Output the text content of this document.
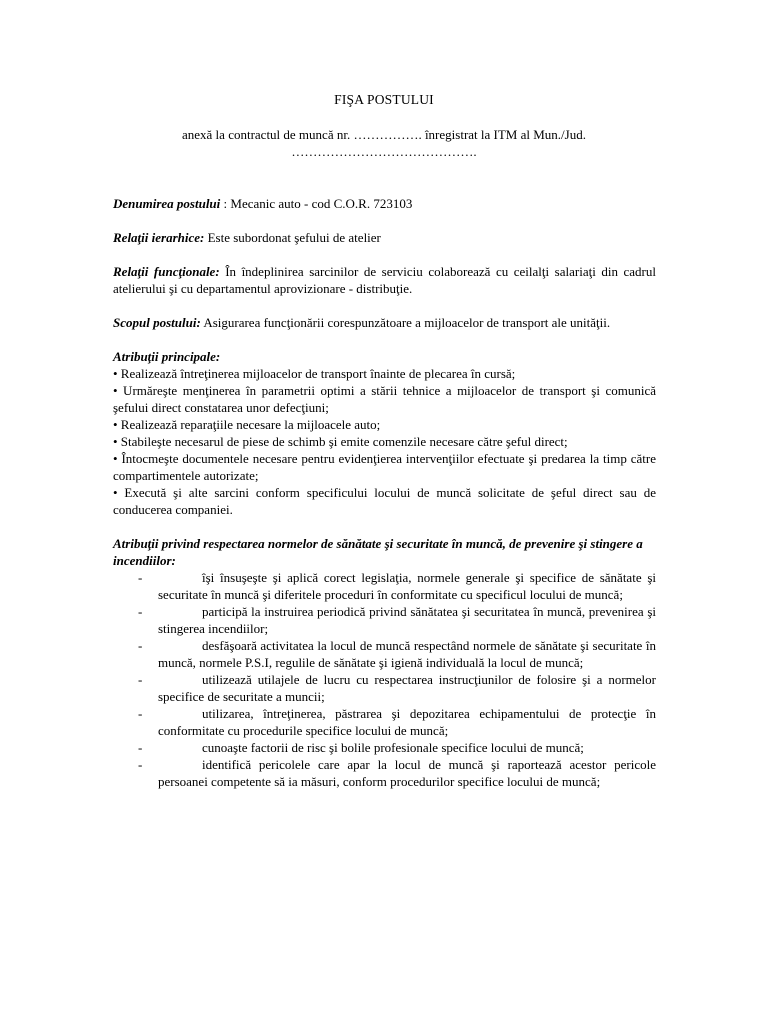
FIŞA POSTULUI
anexă la contractul de muncă nr. ……………. înregistrat la ITM al Mun./Jud.
…………………………………….

Denumirea postului : Mecanic auto - cod C.O.R. 723103

Relaţii ierarhice: Este subordonat şefului de atelier

Relaţii funcţionale: În îndeplinirea sarcinilor de serviciu colaborează cu ceilalţi salariaţi din cadrul atelierului şi cu departamentul aprovizionare - distribuţie.

Scopul postului: Asigurarea funcţionării corespunzătoare a mijloacelor de transport ale unităţii.

Atribuţii principale:

• Realizează întreţinerea mijloacelor de transport înainte de plecarea în cursă;

• Urmăreşte menţinerea în parametrii optimi a stării tehnice a mijloacelor de transport şi comunică şefului direct constatarea unor defecţiuni;

• Realizează reparaţiile necesare la mijloacele auto;

• Stabileşte necesarul de piese de schimb şi emite comenzile necesare către şeful direct;

• Întocmeşte documentele necesare pentru evidenţierea intervenţiilor efectuate şi predarea la timp către compartimentele autorizate;

• Execută şi alte sarcini conform specificului locului de muncă solicitate de şeful direct sau de conducerea companiei.

Atribuţii privind respectarea normelor de sănătate şi securitate în muncă, de prevenire şi stingere a incendiilor:

-	îşi însuşeşte şi aplică corect legislaţia, normele generale şi specifice de sănătate şi securitate în muncă şi diferitele proceduri în conformitate cu specificul locului de muncă;
-	participă la instruirea periodică privind sănătatea şi securitatea în muncă, prevenirea şi stingerea incendiilor;
-	desfăşoară activitatea la locul de muncă respectând normele de sănătate şi securitate în muncă, normele P.S.I, regulile de sănătate şi igienă individuală la locul de muncă;
-	utilizează utilajele de lucru cu respectarea instrucţiunilor de folosire şi a normelor specifice de securitate a muncii;
-	utilizarea, întreţinerea, păstrarea şi depozitarea echipamentului de protecţie în conformitate cu procedurile specifice locului de muncă;
-	cunoaşte factorii de risc şi bolile profesionale specifice locului de muncă;
-	identifică pericolele care apar la locul de muncă şi raportează acestor pericole persoanei competente să ia măsuri, conform procedurilor specifice locului de muncă;
